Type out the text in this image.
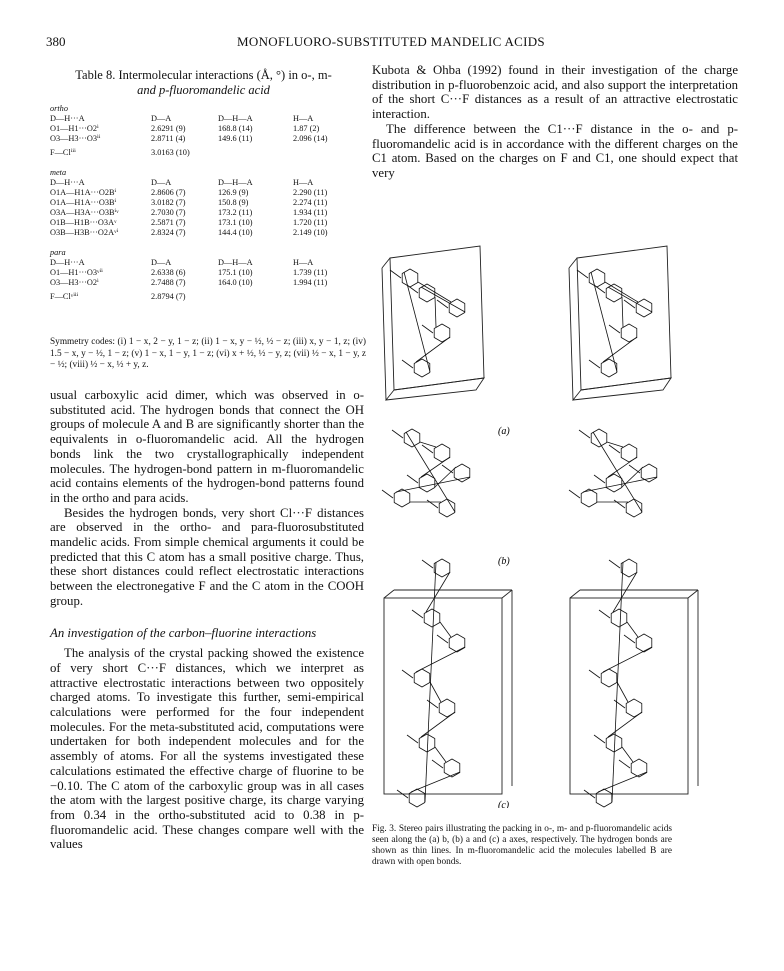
380	MONOFLUORO-SUBSTITUTED MANDELIC ACIDS
Table 8. Intermolecular interactions (Å, °) in o-, m-
and p-fluoromandelic acid
ortho
D—H···A	D—A	D—H—A	H—A
O1—H1···O2ⁱ	2.6291 (9)	168.8 (14)	1.87 (2)
O3—H3···O3ⁱⁱ	2.8711 (4)	149.6 (11)	2.096 (14)
F—Clⁱⁱⁱ	3.0163 (10)
meta
D—H···A	D—A	D—H—A	H—A
O1A—H1A···O2Bⁱ	2.8606 (7)	126.9 (9)	2.290 (11)
O1A—H1A···O3Bⁱ	3.0182 (7)	150.8 (9)	2.274 (11)
O3A—H3A···O3Bⁱᵛ	2.7030 (7)	173.2 (11)	1.934 (11)
O1B—H1B···O3Aᵛ	2.5871 (7)	173.1 (10)	1.720 (11)
O3B—H3B···O2Aᵛⁱ	2.8324 (7)	144.4 (10)	2.149 (10)
para
D—H···A	D—A	D—H—A	H—A
O1—H1···O3ᵛⁱⁱ	2.6338 (6)	175.1 (10)	1.739 (11)
O3—H3···O2ⁱ	2.7488 (7)	164.0 (10)	1.994 (11)
F—Clᵛⁱⁱⁱ	2.8794 (7)
Symmetry codes: (i) 1 − x, 2 − y, 1 − z; (ii) 1 − x, y − ½, ½ − z; (iii) x, y − 1, z; (iv) 1.5 − x, y − ½, 1 − z; (v) 1 − x, 1 − y, 1 − z; (vi) x + ½, ½ − y, z; (vii) ½ − x, 1 − y, z − ½; (viii) ½ − x, ½ + y, z.

usual carboxylic acid dimer, which was observed in o-substituted acid. The hydrogen bonds that connect the OH groups of molecule A and B are significantly shorter than the equivalents in o-fluoromandelic acid. All the hydrogen bonds link the two crystallographically independent molecules. The hydrogen-bond pattern in m-fluoromandelic acid contains elements of the hydrogen-bond patterns found in the ortho and para acids.

Besides the hydrogen bonds, very short Cl···F distances are observed in the ortho- and para-fluorosubstituted mandelic acids. From simple chemical arguments it could be predicted that this C atom has a small positive charge. Thus, these short distances could reflect electrostatic interactions between the electronegative F and the C atom in the COOH group.

An investigation of the carbon–fluorine interactions

The analysis of the crystal packing showed the existence of very short C···F distances, which we interpret as attractive electrostatic interactions between two oppositely charged atoms. To investigate this further, semi-empirical calculations were performed for the four independent molecules. For the meta-substituted acid, computations were undertaken for both independent molecules and for the assembly of atoms. For all the systems investigated these calculations estimated the effective charge of fluorine to be −0.10. The C atom of the carboxylic group was in all cases the atom with the largest positive charge, its charge varying from 0.34 in the ortho-substituted acid to 0.38 in p-fluoromandelic acid. These changes compare well with the values

Kubota & Ohba (1992) found in their investigation of the charge distribution in p-fluorobenzoic acid, and also support the interpretation of the short C···F distances as a result of an attractive electrostatic interaction.

The difference between the C1···F distance in the o- and p-fluoromandelic acid is in accordance with the different charges on the C1 atom. Based on the charges on F and C1, one should expect that very

(a)
(b)
(c)
Fig. 3. Stereo pairs illustrating the packing in o-, m- and p-fluoromandelic acids seen along the (a) b, (b) a and (c) a axes, respectively. The hydrogen bonds are shown as thin lines. In m-fluoromandelic acid the molecules labelled B are drawn with open bonds.
